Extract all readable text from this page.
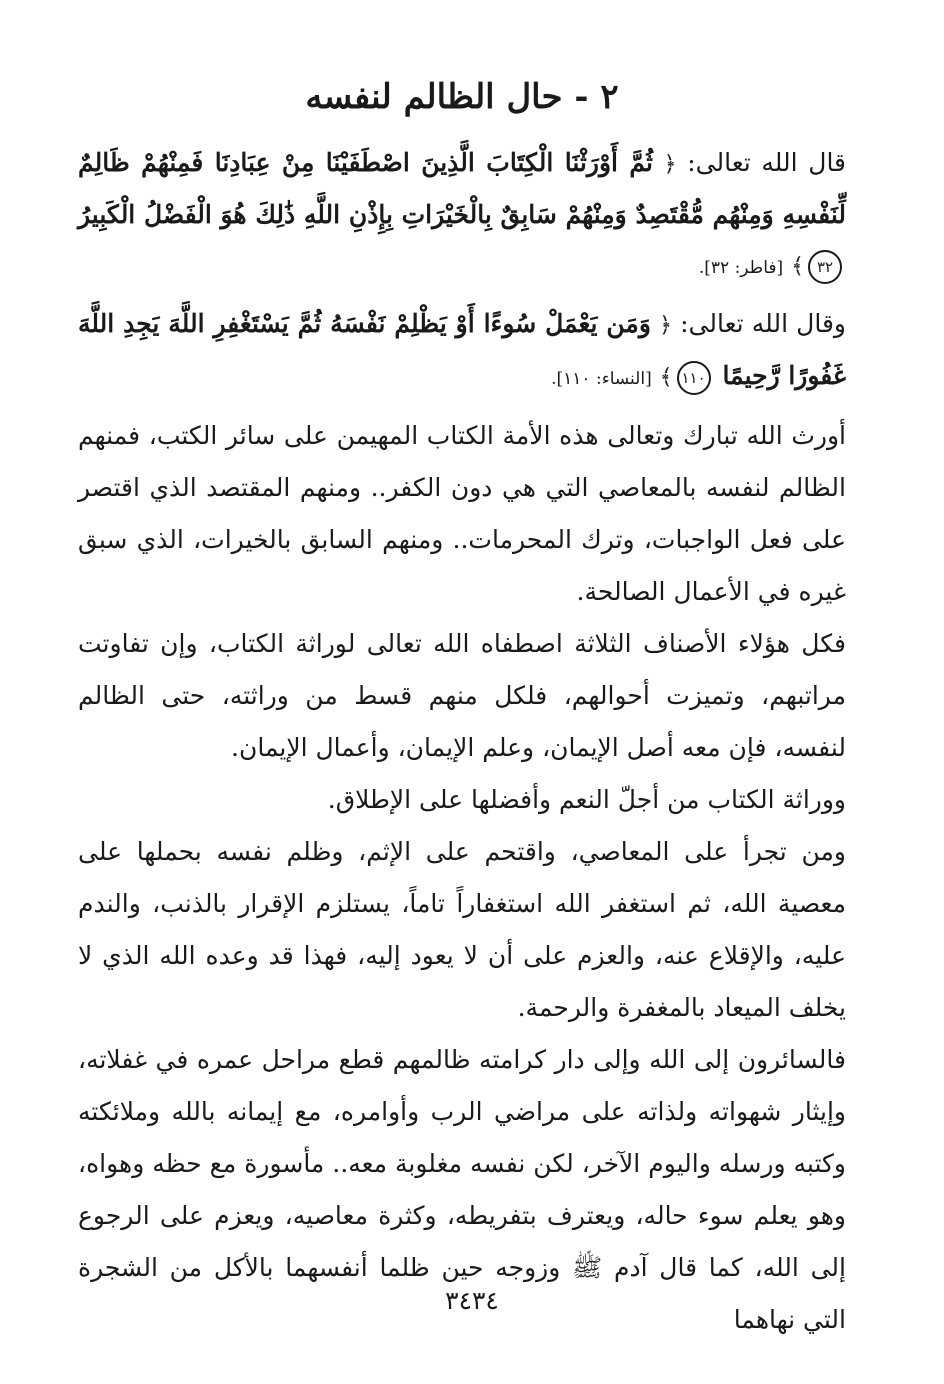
٢ - حال الظالم لنفسه

قال الله تعالى: ﴿ ثُمَّ أَوْرَثْنَا الْكِتَابَ الَّذِينَ اصْطَفَيْنَا مِنْ عِبَادِنَا فَمِنْهُمْ ظَالِمٌ لِّنَفْسِهِ وَمِنْهُم مُّقْتَصِدٌ وَمِنْهُمْ سَابِقٌ بِالْخَيْرَاتِ بِإِذْنِ اللَّهِ ذَٰلِكَ هُوَ الْفَضْلُ الْكَبِيرُ ٣٢﴾ [فاطر: ٣٢].

وقال الله تعالى: ﴿ وَمَن يَعْمَلْ سُوءًا أَوْ يَظْلِمْ نَفْسَهُ ثُمَّ يَسْتَغْفِرِ اللَّهَ يَجِدِ اللَّهَ غَفُورًا رَّحِيمًا ١١٠﴾ [النساء: ١١٠].

أورث الله تبارك وتعالى هذه الأمة الكتاب المهيمن على سائر الكتب، فمنهم الظالم لنفسه بالمعاصي التي هي دون الكفر.. ومنهم المقتصد الذي اقتصر على فعل الواجبات، وترك المحرمات.. ومنهم السابق بالخيرات، الذي سبق غيره في الأعمال الصالحة.

فكل هؤلاء الأصناف الثلاثة اصطفاه الله تعالى لوراثة الكتاب، وإن تفاوتت مراتبهم، وتميزت أحوالهم، فلكل منهم قسط من وراثته، حتى الظالم لنفسه، فإن معه أصل الإيمان، وعلم الإيمان، وأعمال الإيمان.

ووراثة الكتاب من أجلّ النعم وأفضلها على الإطلاق.

ومن تجرأ على المعاصي، واقتحم على الإثم، وظلم نفسه بحملها على معصية الله، ثم استغفر الله استغفاراً تاماً، يستلزم الإقرار بالذنب، والندم عليه، والإقلاع عنه، والعزم على أن لا يعود إليه، فهذا قد وعده الله الذي لا يخلف الميعاد بالمغفرة والرحمة.

فالسائرون إلى الله وإلى دار كرامته ظالمهم قطع مراحل عمره في غفلاته، وإيثار شهواته ولذاته على مراضي الرب وأوامره، مع إيمانه بالله وملائكته وكتبه ورسله واليوم الآخر، لكن نفسه مغلوبة معه.. مأسورة مع حظه وهواه، وهو يعلم سوء حاله، ويعترف بتفريطه، وكثرة معاصيه، ويعزم على الرجوع إلى الله، كما قال آدم ﷺ وزوجه حين ظلما أنفسهما بالأكل من الشجرة التي نهاهما

٣٤٣٤
